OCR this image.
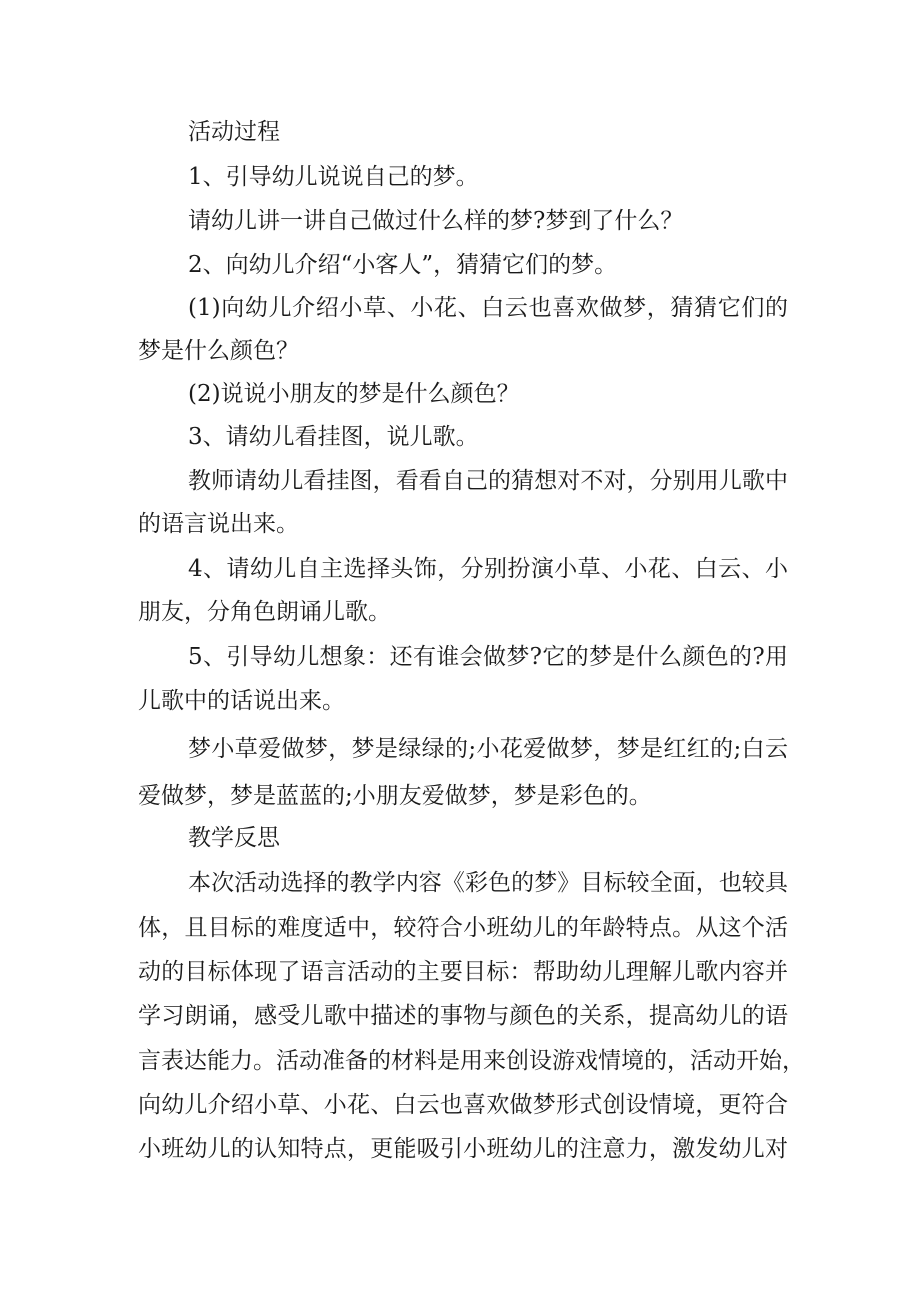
活动过程
1、引导幼儿说说自己的梦。
请幼儿讲一讲自己做过什么样的梦?梦到了什么？
2、向幼儿介绍“小客人”，猜猜它们的梦。
(1)向幼儿介绍小草、小花、白云也喜欢做梦，猜猜它们的
梦是什么颜色？
(2)说说小朋友的梦是什么颜色？
3、请幼儿看挂图，说儿歌。
教师请幼儿看挂图，看看自己的猜想对不对，分别用儿歌中
的语言说出来。
4、请幼儿自主选择头饰，分别扮演小草、小花、白云、小
朋友，分角色朗诵儿歌。
5、引导幼儿想象：还有谁会做梦?它的梦是什么颜色的?用
儿歌中的话说出来。
梦小草爱做梦，梦是绿绿的;小花爱做梦，梦是红红的;白云
爱做梦，梦是蓝蓝的;小朋友爱做梦，梦是彩色的。
教学反思
本次活动选择的教学内容《彩色的梦》目标较全面，也较具
体，且目标的难度适中，较符合小班幼儿的年龄特点。从这个活
动的目标体现了语言活动的主要目标：帮助幼儿理解儿歌内容并
学习朗诵，感受儿歌中描述的事物与颜色的关系，提高幼儿的语
言表达能力。活动准备的材料是用来创设游戏情境的，活动开始，
向幼儿介绍小草、小花、白云也喜欢做梦形式创设情境，更符合
小班幼儿的认知特点，更能吸引小班幼儿的注意力，激发幼儿对
